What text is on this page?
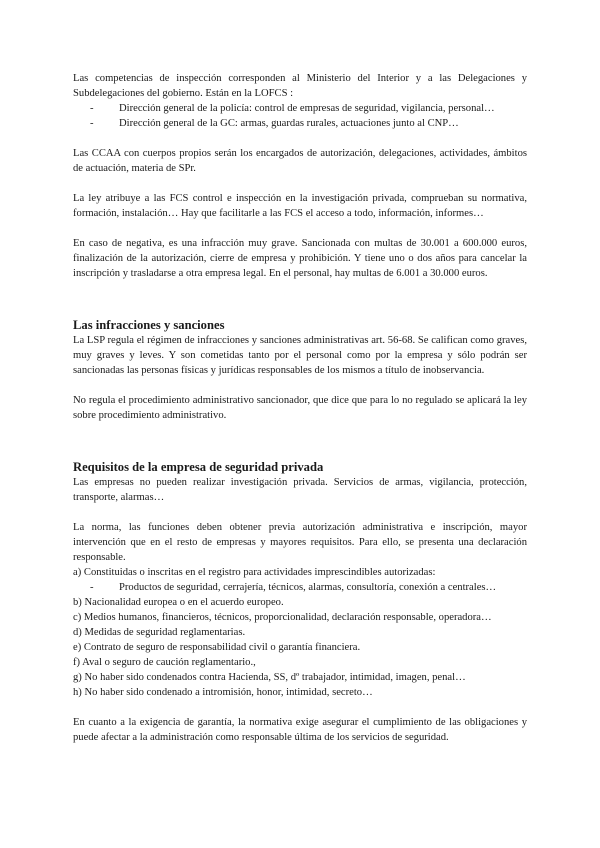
Las competencias de inspección corresponden al Ministerio del Interior y a las Delegaciones y Subdelegaciones del gobierno. Están en la LOFCS :

- Dirección general de la policía: control de empresas de seguridad, vigilancia, personal…
- Dirección general de la GC: armas, guardas rurales, actuaciones junto al CNP…

Las CCAA con cuerpos propios serán los encargados de autorización, delegaciones, actividades, ámbitos de actuación, materia de SPr.

La ley atribuye a las FCS control e inspección en la investigación privada, comprueban su normativa, formación, instalación… Hay que facilitarle a las FCS el acceso a todo, información, informes…

En caso de negativa, es una infracción muy grave. Sancionada con multas de 30.001 a 600.000 euros, finalización de la autorización, cierre de empresa y prohibición. Y tiene uno o dos años para cancelar la inscripción y trasladarse a otra empresa legal. En el personal, hay multas de 6.001 a 30.000 euros.

Las infracciones y sanciones

La LSP regula el régimen de infracciones y sanciones administrativas art. 56-68. Se califican como graves, muy graves y leves. Y son cometidas tanto por el personal como por la empresa y sólo podrán ser sancionadas las personas físicas y jurídicas responsables de los mismos a título de inobservancia.

No regula el procedimiento administrativo sancionador, que dice que para lo no regulado se aplicará la ley sobre procedimiento administrativo.

Requisitos de la empresa de seguridad privada

Las empresas no pueden realizar investigación privada. Servicios de armas, vigilancia, protección, transporte, alarmas…

La norma, las funciones deben obtener previa autorización administrativa e inscripción, mayor intervención que en el resto de empresas y mayores requisitos. Para ello, se presenta una declaración responsable.

a) Constituidas o inscritas en el registro para actividades imprescindibles autorizadas:

- Productos de seguridad, cerrajería, técnicos, alarmas, consultoría, conexión a centrales…

b) Nacionalidad europea o en el acuerdo europeo.

c) Medios humanos, financieros, técnicos, proporcionalidad, declaración responsable, operadora…

d) Medidas de seguridad reglamentarias.

e) Contrato de seguro de responsabilidad civil o garantía financiera.

f) Aval o seguro de caución reglamentario.,

g) No haber sido condenados contra Hacienda, SS, dº trabajador, intimidad, imagen, penal…

h) No haber sido condenado a intromisión, honor, intimidad, secreto…

En cuanto a la exigencia de garantía, la normativa exige asegurar el cumplimiento de las obligaciones y puede afectar a la administración como responsable última de los servicios de seguridad.
